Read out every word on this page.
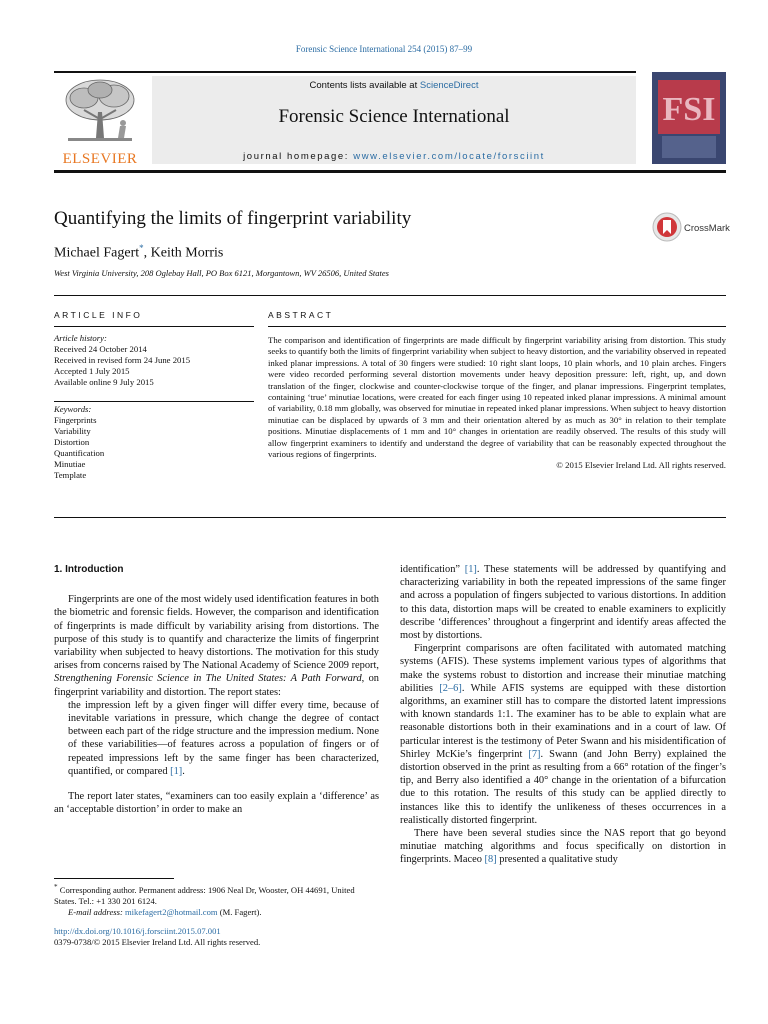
Forensic Science International 254 (2015) 87–99
ELSEVIER
Contents lists available at ScienceDirect
Forensic Science International
journal homepage: www.elsevier.com/locate/forsciint
FSI
Quantifying the limits of fingerprint variability
Michael Fagert*, Keith Morris
West Virginia University, 208 Oglebay Hall, PO Box 6121, Morgantown, WV 26506, United States
CrossMark
ARTICLE INFO	ABSTRACT
Article history:
Received 24 October 2014
Received in revised form 24 June 2015
Accepted 1 July 2015
Available online 9 July 2015
Keywords:
Fingerprints
Variability
Distortion
Quantification
Minutiae
Template
The comparison and identification of fingerprints are made difficult by fingerprint variability arising from distortion. This study seeks to quantify both the limits of fingerprint variability when subject to heavy distortion, and the variability observed in repeated inked planar impressions. A total of 30 fingers were studied: 10 right slant loops, 10 plain whorls, and 10 plain arches. Fingers were video recorded performing several distortion movements under heavy deposition pressure: left, right, up, and down translation of the finger, clockwise and counter-clockwise torque of the finger, and planar impressions. Fingerprint templates, containing ‘true’ minutiae locations, were created for each finger using 10 repeated inked planar impressions. A minimal amount of variability, 0.18 mm globally, was observed for minutiae in repeated inked planar impressions. When subject to heavy distortion minutiae can be displaced by upwards of 3 mm and their orientation altered by as much as 30° in relation to their template positions. Minutiae displacements of 1 mm and 10° changes in orientation are readily observed. The results of this study will allow fingerprint examiners to identify and understand the degree of variability that can be reasonably expected throughout the various regions of fingerprints.
© 2015 Elsevier Ireland Ltd. All rights reserved.
1. Introduction

Fingerprints are one of the most widely used identification features in both the biometric and forensic fields. However, the comparison and identification of fingerprints is made difficult by variability arising from distortions. The purpose of this study is to quantify and characterize the limits of fingerprint variability when subjected to heavy distortions. The motivation for this study arises from concerns raised by The National Academy of Science 2009 report, Strengthening Forensic Science in The United States: A Path Forward, on fingerprint variability and distortion. The report states:

the impression left by a given finger will differ every time, because of inevitable variations in pressure, which change the degree of contact between each part of the ridge structure and the impression medium. None of these variabilities—of features across a population of fingers or of repeated impressions left by the same finger has been characterized, quantified, or compared [1].

The report later states, “examiners can too easily explain a ‘difference’ as an ‘acceptable distortion’ in order to make an

identification” [1]. These statements will be addressed by quantifying and characterizing variability in both the repeated impressions of the same finger and across a population of fingers subjected to various distortions. In addition to this data, distortion maps will be created to enable examiners to explicitly describe ‘differences’ throughout a fingerprint and identify areas affected the most by distortions.

Fingerprint comparisons are often facilitated with automated matching systems (AFIS). These systems implement various types of algorithms that make the systems robust to distortion and increase their minutiae matching abilities [2–6]. While AFIS systems are equipped with these distortion algorithms, an examiner still has to compare the distorted latent impressions with known standards 1:1. The examiner has to be able to explain what are reasonable distortions both in their examinations and in a court of law. Of particular interest is the testimony of Peter Swann and his misidentification of Shirley McKie’s fingerprint [7]. Swann (and John Berry) explained the distortion observed in the print as resulting from a 66° rotation of the finger’s tip, and Berry also identified a 40° change in the orientation of a bifurcation due to this rotation. The results of this study can be applied directly to instances like this to identify the unlikeness of theses occurrences in a realistically distorted fingerprint.

There have been several studies since the NAS report that go beyond minutiae matching algorithms and focus specifically on distortion in fingerprints. Maceo [8] presented a qualitative study

* Corresponding author. Permanent address: 1906 Neal Dr, Wooster, OH 44691, United States. Tel.: +1 330 201 6124.
E-mail address: mikefagert2@hotmail.com (M. Fagert).
http://dx.doi.org/10.1016/j.forsciint.2015.07.001
0379-0738/© 2015 Elsevier Ireland Ltd. All rights reserved.
